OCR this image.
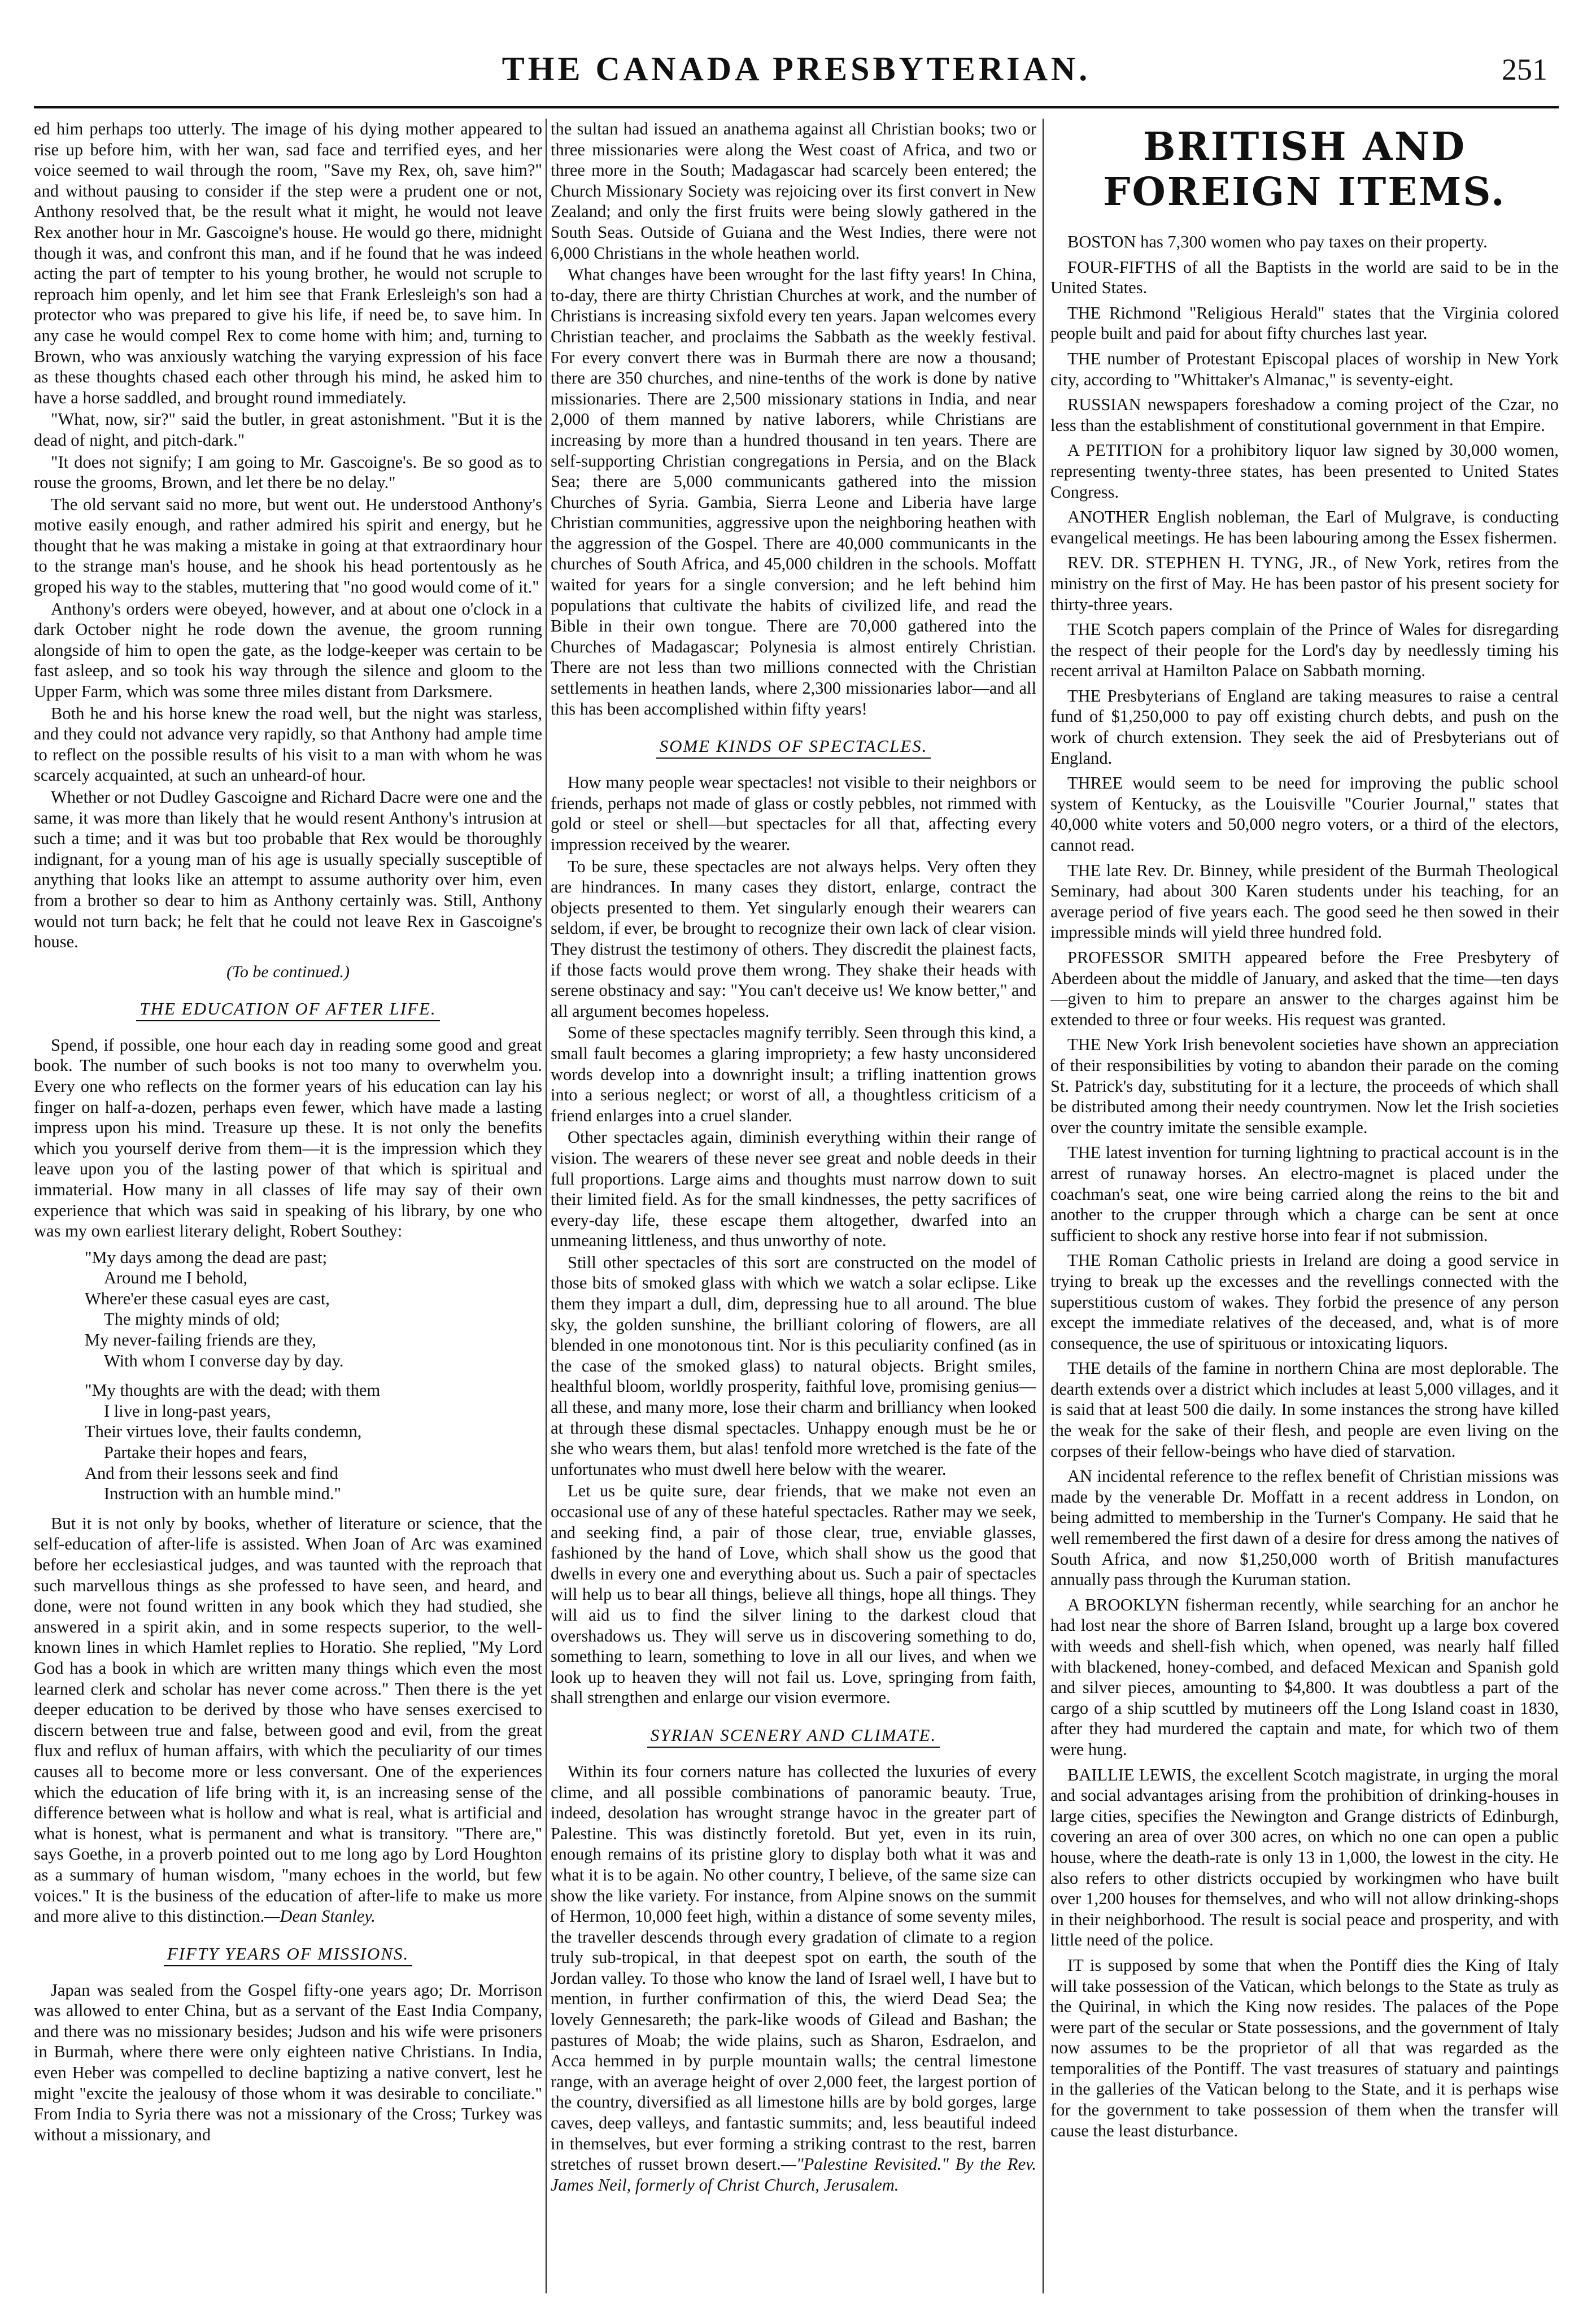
THE CANADA PRESBYTERIAN.	251

ed him perhaps too utterly. The image of his dying mother appeared to rise up before him, with her wan, sad face and terrified eyes, and her voice seemed to wail through the room, "Save my Rex, oh, save him?" and without pausing to consider if the step were a prudent one or not, Anthony resolved that, be the result what it might, he would not leave Rex another hour in Mr. Gascoigne's house. He would go there, midnight though it was, and confront this man, and if he found that he was indeed acting the part of tempter to his young brother, he would not scruple to reproach him openly, and let him see that Frank Erlesleigh's son had a protector who was prepared to give his life, if need be, to save him. In any case he would compel Rex to come home with him; and, turning to Brown, who was anxiously watching the varying expression of his face as these thoughts chased each other through his mind, he asked him to have a horse saddled, and brought round immediately.

"What, now, sir?" said the butler, in great astonishment. "But it is the dead of night, and pitch-dark."

"It does not signify; I am going to Mr. Gascoigne's. Be so good as to rouse the grooms, Brown, and let there be no delay."

The old servant said no more, but went out. He understood Anthony's motive easily enough, and rather admired his spirit and energy, but he thought that he was making a mistake in going at that extraordinary hour to the strange man's house, and he shook his head portentously as he groped his way to the stables, muttering that "no good would come of it."

Anthony's orders were obeyed, however, and at about one o'clock in a dark October night he rode down the avenue, the groom running alongside of him to open the gate, as the lodge-keeper was certain to be fast asleep, and so took his way through the silence and gloom to the Upper Farm, which was some three miles distant from Darksmere.

Both he and his horse knew the road well, but the night was starless, and they could not advance very rapidly, so that Anthony had ample time to reflect on the possible results of his visit to a man with whom he was scarcely acquainted, at such an unheard-of hour.

Whether or not Dudley Gascoigne and Richard Dacre were one and the same, it was more than likely that he would resent Anthony's intrusion at such a time; and it was but too probable that Rex would be thoroughly indignant, for a young man of his age is usually specially susceptible of anything that looks like an attempt to assume authority over him, even from a brother so dear to him as Anthony certainly was. Still, Anthony would not turn back; he felt that he could not leave Rex in Gascoigne's house.

(To be continued.)
THE EDUCATION OF AFTER LIFE.

Spend, if possible, one hour each day in reading some good and great book. The number of such books is not too many to overwhelm you. Every one who reflects on the former years of his education can lay his finger on half-a-dozen, perhaps even fewer, which have made a lasting impress upon his mind. Treasure up these. It is not only the benefits which you yourself derive from them—it is the impression which they leave upon you of the lasting power of that which is spiritual and immaterial. How many in all classes of life may say of their own experience that which was said in speaking of his library, by one who was my own earliest literary delight, Robert Southey:

"My days among the dead are past;
Around me I behold,
Where'er these casual eyes are cast,
The mighty minds of old;
My never-failing friends are they,
With whom I converse day by day.
"My thoughts are with the dead; with them
I live in long-past years,
Their virtues love, their faults condemn,
Partake their hopes and fears,
And from their lessons seek and find
Instruction with an humble mind."

But it is not only by books, whether of literature or science, that the self-education of after-life is assisted. When Joan of Arc was examined before her ecclesiastical judges, and was taunted with the reproach that such marvellous things as she professed to have seen, and heard, and done, were not found written in any book which they had studied, she answered in a spirit akin, and in some respects superior, to the well-known lines in which Hamlet replies to Horatio. She replied, "My Lord God has a book in which are written many things which even the most learned clerk and scholar has never come across." Then there is the yet deeper education to be derived by those who have senses exercised to discern between true and false, between good and evil, from the great flux and reflux of human affairs, with which the peculiarity of our times causes all to become more or less conversant. One of the experiences which the education of life bring with it, is an increasing sense of the difference between what is hollow and what is real, what is artificial and what is honest, what is permanent and what is transitory. "There are," says Goethe, in a proverb pointed out to me long ago by Lord Houghton as a summary of human wisdom, "many echoes in the world, but few voices." It is the business of the education of after-life to make us more and more alive to this distinction.—Dean Stanley.

FIFTY YEARS OF MISSIONS.

Japan was sealed from the Gospel fifty-one years ago; Dr. Morrison was allowed to enter China, but as a servant of the East India Company, and there was no missionary besides; Judson and his wife were prisoners in Burmah, where there were only eighteen native Christians. In India, even Heber was compelled to decline baptizing a native convert, lest he might "excite the jealousy of those whom it was desirable to conciliate." From India to Syria there was not a missionary of the Cross; Turkey was without a missionary, and

the sultan had issued an anathema against all Christian books; two or three missionaries were along the West coast of Africa, and two or three more in the South; Madagascar had scarcely been entered; the Church Missionary Society was rejoicing over its first convert in New Zealand; and only the first fruits were being slowly gathered in the South Seas. Outside of Guiana and the West Indies, there were not 6,000 Christians in the whole heathen world.

What changes have been wrought for the last fifty years! In China, to-day, there are thirty Christian Churches at work, and the number of Christians is increasing sixfold every ten years. Japan welcomes every Christian teacher, and proclaims the Sabbath as the weekly festival. For every convert there was in Burmah there are now a thousand; there are 350 churches, and nine-tenths of the work is done by native missionaries. There are 2,500 missionary stations in India, and near 2,000 of them manned by native laborers, while Christians are increasing by more than a hundred thousand in ten years. There are self-supporting Christian congregations in Persia, and on the Black Sea; there are 5,000 communicants gathered into the mission Churches of Syria. Gambia, Sierra Leone and Liberia have large Christian communities, aggressive upon the neighboring heathen with the aggression of the Gospel. There are 40,000 communicants in the churches of South Africa, and 45,000 children in the schools. Moffatt waited for years for a single conversion; and he left behind him populations that cultivate the habits of civilized life, and read the Bible in their own tongue. There are 70,000 gathered into the Churches of Madagascar; Polynesia is almost entirely Christian. There are not less than two millions connected with the Christian settlements in heathen lands, where 2,300 missionaries labor—and all this has been accomplished within fifty years!

SOME KINDS OF SPECTACLES.

How many people wear spectacles! not visible to their neighbors or friends, perhaps not made of glass or costly pebbles, not rimmed with gold or steel or shell—but spectacles for all that, affecting every impression received by the wearer.

To be sure, these spectacles are not always helps. Very often they are hindrances. In many cases they distort, enlarge, contract the objects presented to them. Yet singularly enough their wearers can seldom, if ever, be brought to recognize their own lack of clear vision. They distrust the testimony of others. They discredit the plainest facts, if those facts would prove them wrong. They shake their heads with serene obstinacy and say: "You can't deceive us! We know better," and all argument becomes hopeless.

Some of these spectacles magnify terribly. Seen through this kind, a small fault becomes a glaring impropriety; a few hasty unconsidered words develop into a downright insult; a trifling inattention grows into a serious neglect; or worst of all, a thoughtless criticism of a friend enlarges into a cruel slander.

Other spectacles again, diminish everything within their range of vision. The wearers of these never see great and noble deeds in their full proportions. Large aims and thoughts must narrow down to suit their limited field. As for the small kindnesses, the petty sacrifices of every-day life, these escape them altogether, dwarfed into an unmeaning littleness, and thus unworthy of note.

Still other spectacles of this sort are constructed on the model of those bits of smoked glass with which we watch a solar eclipse. Like them they impart a dull, dim, depressing hue to all around. The blue sky, the golden sunshine, the brilliant coloring of flowers, are all blended in one monotonous tint. Nor is this peculiarity confined (as in the case of the smoked glass) to natural objects. Bright smiles, healthful bloom, worldly prosperity, faithful love, promising genius—all these, and many more, lose their charm and brilliancy when looked at through these dismal spectacles. Unhappy enough must be he or she who wears them, but alas! tenfold more wretched is the fate of the unfortunates who must dwell here below with the wearer.

Let us be quite sure, dear friends, that we make not even an occasional use of any of these hateful spectacles. Rather may we seek, and seeking find, a pair of those clear, true, enviable glasses, fashioned by the hand of Love, which shall show us the good that dwells in every one and everything about us. Such a pair of spectacles will help us to bear all things, believe all things, hope all things. They will aid us to find the silver lining to the darkest cloud that overshadows us. They will serve us in discovering something to do, something to learn, something to love in all our lives, and when we look up to heaven they will not fail us. Love, springing from faith, shall strengthen and enlarge our vision evermore.

SYRIAN SCENERY AND CLIMATE.

Within its four corners nature has collected the luxuries of every clime, and all possible combinations of panoramic beauty. True, indeed, desolation has wrought strange havoc in the greater part of Palestine. This was distinctly foretold. But yet, even in its ruin, enough remains of its pristine glory to display both what it was and what it is to be again. No other country, I believe, of the same size can show the like variety. For instance, from Alpine snows on the summit of Hermon, 10,000 feet high, within a distance of some seventy miles, the traveller descends through every gradation of climate to a region truly sub-tropical, in that deepest spot on earth, the south of the Jordan valley. To those who know the land of Israel well, I have but to mention, in further confirmation of this, the wierd Dead Sea; the lovely Gennesareth; the park-like woods of Gilead and Bashan; the pastures of Moab; the wide plains, such as Sharon, Esdraelon, and Acca hemmed in by purple mountain walls; the central limestone range, with an average height of over 2,000 feet, the largest portion of the country, diversified as all limestone hills are by bold gorges, large caves, deep valleys, and fantastic summits; and, less beautiful indeed in themselves, but ever forming a striking contrast to the rest, barren stretches of russet brown desert.—"Palestine Revisited." By the Rev. James Neil, formerly of Christ Church, Jerusalem.

BRITISH AND FOREIGN ITEMS.

BOSTON has 7,300 women who pay taxes on their property.

FOUR-FIFTHS of all the Baptists in the world are said to be in the United States.

THE Richmond "Religious Herald" states that the Virginia colored people built and paid for about fifty churches last year.

THE number of Protestant Episcopal places of worship in New York city, according to "Whittaker's Almanac," is seventy-eight.

RUSSIAN newspapers foreshadow a coming project of the Czar, no less than the establishment of constitutional government in that Empire.

A PETITION for a prohibitory liquor law signed by 30,000 women, representing twenty-three states, has been presented to United States Congress.

ANOTHER English nobleman, the Earl of Mulgrave, is conducting evangelical meetings. He has been labouring among the Essex fishermen.

REV. DR. STEPHEN H. TYNG, JR., of New York, retires from the ministry on the first of May. He has been pastor of his present society for thirty-three years.

THE Scotch papers complain of the Prince of Wales for disregarding the respect of their people for the Lord's day by needlessly timing his recent arrival at Hamilton Palace on Sabbath morning.

THE Presbyterians of England are taking measures to raise a central fund of $1,250,000 to pay off existing church debts, and push on the work of church extension. They seek the aid of Presbyterians out of England.

THREE would seem to be need for improving the public school system of Kentucky, as the Louisville "Courier Journal," states that 40,000 white voters and 50,000 negro voters, or a third of the electors, cannot read.

THE late Rev. Dr. Binney, while president of the Burmah Theological Seminary, had about 300 Karen students under his teaching, for an average period of five years each. The good seed he then sowed in their impressible minds will yield three hundred fold.

PROFESSOR SMITH appeared before the Free Presbytery of Aberdeen about the middle of January, and asked that the time—ten days—given to him to prepare an answer to the charges against him be extended to three or four weeks. His request was granted.

THE New York Irish benevolent societies have shown an appreciation of their responsibilities by voting to abandon their parade on the coming St. Patrick's day, substituting for it a lecture, the proceeds of which shall be distributed among their needy countrymen. Now let the Irish societies over the country imitate the sensible example.

THE latest invention for turning lightning to practical account is in the arrest of runaway horses. An electro-magnet is placed under the coachman's seat, one wire being carried along the reins to the bit and another to the crupper through which a charge can be sent at once sufficient to shock any restive horse into fear if not submission.

THE Roman Catholic priests in Ireland are doing a good service in trying to break up the excesses and the revellings connected with the superstitious custom of wakes. They forbid the presence of any person except the immediate relatives of the deceased, and, what is of more consequence, the use of spirituous or intoxicating liquors.

THE details of the famine in northern China are most deplorable. The dearth extends over a district which includes at least 5,000 villages, and it is said that at least 500 die daily. In some instances the strong have killed the weak for the sake of their flesh, and people are even living on the corpses of their fellow-beings who have died of starvation.

AN incidental reference to the reflex benefit of Christian missions was made by the venerable Dr. Moffatt in a recent address in London, on being admitted to membership in the Turner's Company. He said that he well remembered the first dawn of a desire for dress among the natives of South Africa, and now $1,250,000 worth of British manufactures annually pass through the Kuruman station.

A BROOKLYN fisherman recently, while searching for an anchor he had lost near the shore of Barren Island, brought up a large box covered with weeds and shell-fish which, when opened, was nearly half filled with blackened, honey-combed, and defaced Mexican and Spanish gold and silver pieces, amounting to $4,800. It was doubtless a part of the cargo of a ship scuttled by mutineers off the Long Island coast in 1830, after they had murdered the captain and mate, for which two of them were hung.

BAILLIE LEWIS, the excellent Scotch magistrate, in urging the moral and social advantages arising from the prohibition of drinking-houses in large cities, specifies the Newington and Grange districts of Edinburgh, covering an area of over 300 acres, on which no one can open a public house, where the death-rate is only 13 in 1,000, the lowest in the city. He also refers to other districts occupied by workingmen who have built over 1,200 houses for themselves, and who will not allow drinking-shops in their neighborhood. The result is social peace and prosperity, and with little need of the police.

IT is supposed by some that when the Pontiff dies the King of Italy will take possession of the Vatican, which belongs to the State as truly as the Quirinal, in which the King now resides. The palaces of the Pope were part of the secular or State possessions, and the government of Italy now assumes to be the proprietor of all that was regarded as the temporalities of the Pontiff. The vast treasures of statuary and paintings in the galleries of the Vatican belong to the State, and it is perhaps wise for the government to take possession of them when the transfer will cause the least disturbance.
